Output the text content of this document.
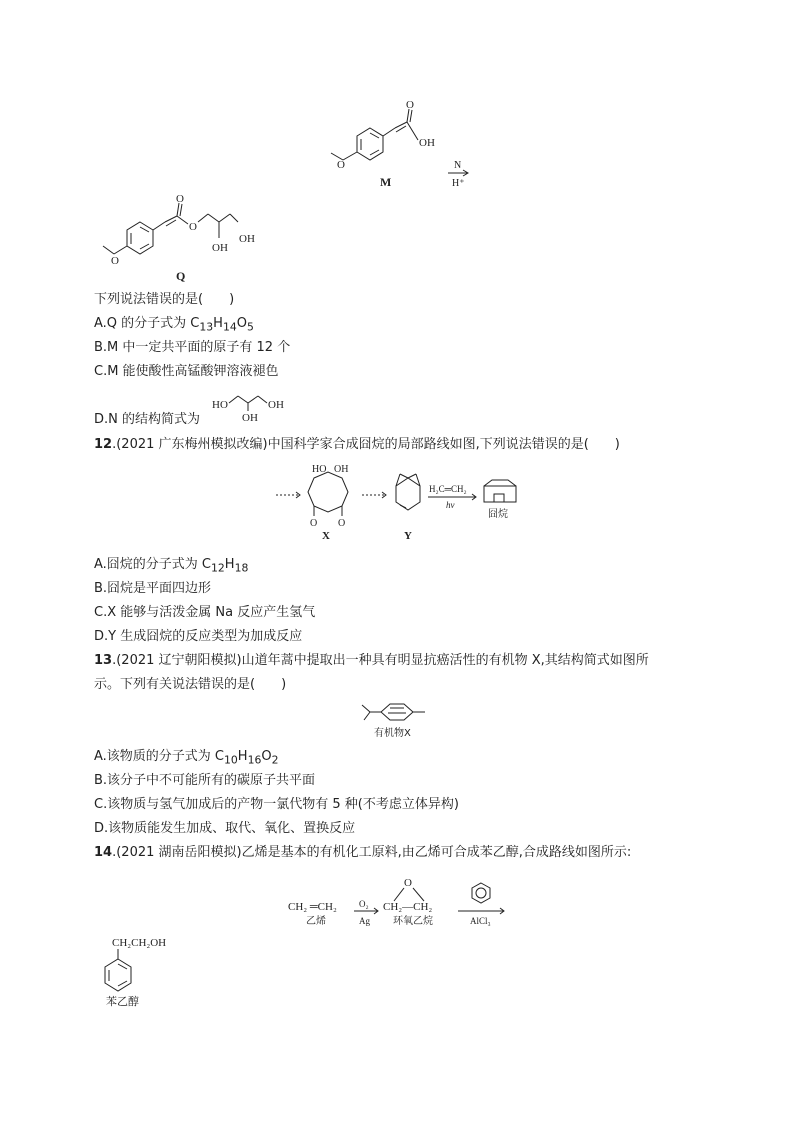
O
OH
O
M
N
H⁺
O
O
O
OH
OH
Q
下列说法错误的是(　　)
A.Q 的分子式为 $C_{13}H_{14}O_5$
B.M 中一定共平面的原子有 12 个
C.M 能使酸性高锰酸钾溶液褪色
D.N 的结构简式为
HO
OH
OH
12.(2021 广东梅州模拟改编)中国科学家合成囧烷的局部路线如图,下列说法错误的是(　　)
HO OH
O O
X	Y
H₂C═CH₂
hν
囧烷
A.囧烷的分子式为 $C_{12}H_{18}$
B.囧烷是平面四边形
C.X 能够与活泼金属 Na 反应产生氢气
D.Y 生成囧烷的反应类型为加成反应
13.(2021 辽宁朝阳模拟)山道年蒿中提取出一种具有明显抗癌活性的有机物 X,其结构简式如图所
示。下列有关说法错误的是(　　)
有机物X
A.该物质的分子式为 $C_{10}H_{16}O_2$
B.该分子中不可能所有的碳原子共平面
C.该物质与氢气加成后的产物一氯代物有 5 种(不考虑立体异构)
D.该物质能发生加成、取代、氧化、置换反应
14.(2021 湖南岳阳模拟)乙烯是基本的有机化工原料,由乙烯可合成苯乙醇,合成路线如图所示:
CH₂ ═CH₂
乙烯
O₂
Ag
O
CH₂—CH₂
环氧乙烷	AlCl₃
CH₂CH₂OH
苯乙醇
